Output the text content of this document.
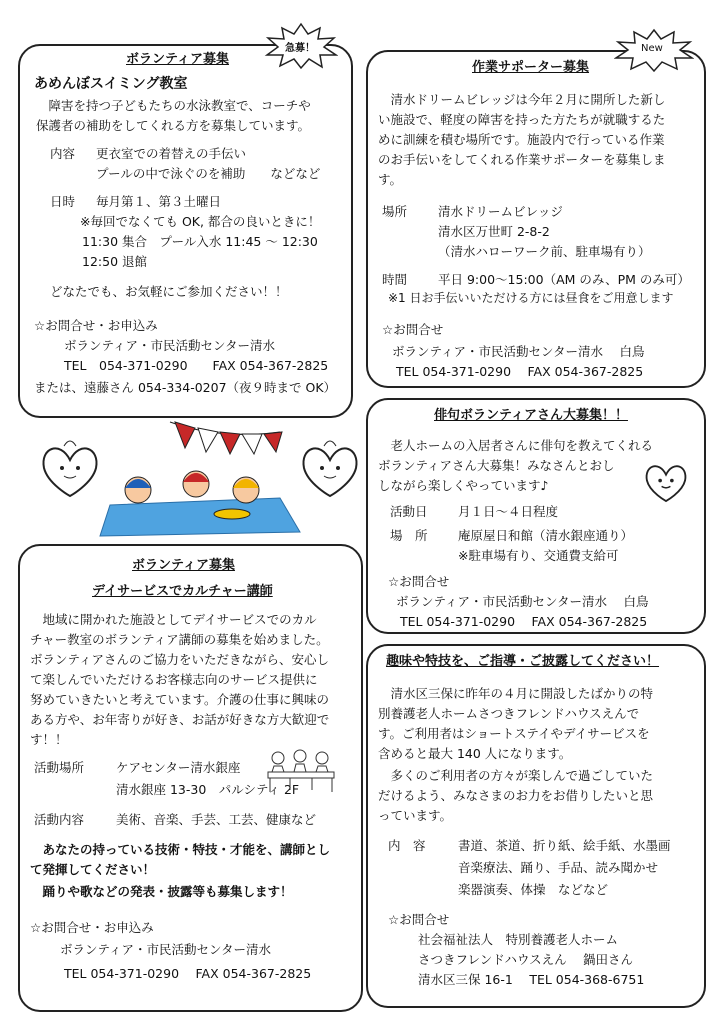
ボランティア募集
あめんぼスイミング教室
　障害を持つ子どもたちの水泳教室で、コーチや
保護者の補助をしてくれる方を募集しています。
内容 更衣室での着替えの手伝い
プールの中で泳ぐのを補助　　などなど
日時 毎月第１、第３土曜日
※毎回でなくても OK, 都合の良いときに！
11:30 集合　プール入水 11:45 ～ 12:30
12:50 退館
どなたでも、お気軽にご参加ください！！
☆お問合せ・お申込み
ボランティア・市民活動センター清水
TEL　054-371-0290　　FAX 054-367-2825
または、遠藤さん 054-334-0207（夜９時まで OK）
急募！
作業サポーター募集
　清水ドリームビレッジは今年２月に開所した新し
い施設で、軽度の障害を持った方たちが就職するた
めに訓練を積む場所です。施設内で行っている作業
のお手伝いをしてくれる作業サポーターを募集しま
す。
場所 清水ドリームビレッジ
清水区万世町 2-8-2
（清水ハローワーク前、駐車場有り）
時間 平日 9:00～15:00（AM のみ、PM のみ可）
※1 日お手伝いいただける方には昼食をご用意します
☆お問合せ
ボランティア・市民活動センター清水　 白鳥
TEL 054-371-0290　 FAX 054-367-2825
New
俳句ボランティアさん大募集！！
　老人ホームの入居者さんに俳句を教えてくれる
ボランティアさん大募集！みなさんとおし
しながら楽しくやっています♪
活動日 月１日～４日程度
場　所 庵原屋日和館（清水銀座通り）
※駐車場有り、交通費支給可
☆お問合せ
ボランティア・市民活動センター清水　 白鳥
TEL 054-371-0290　 FAX 054-367-2825
ボランティア募集
デイサービスでカルチャー講師
　地域に開かれた施設としてデイサービスでのカル
チャー教室のボランティア講師の募集を始めました。
ボランティアさんのご協力をいただきながら、安心し
て楽しんでいただけるお客様志向のサービス提供に
努めていきたいと考えています。介護の仕事に興味の
ある方や、お年寄りが好き、お話が好きな方大歓迎で
す！！
活動場所	ケアセンター清水銀座
清水銀座 13-30　パルシティ 2F
活動内容	美術、音楽、手芸、工芸、健康など
　あなたの持っている技術・特技・才能を、講師とし
て発揮してください！
　踊りや歌などの発表・披露等も募集します！
☆お問合せ・お申込み
ボランティア・市民活動センター清水
TEL 054-371-0290　 FAX 054-367-2825
趣味や特技を、ご指導・ご披露してください！
　清水区三保に昨年の４月に開設したばかりの特
別養護老人ホームさつきフレンドハウスえんで
す。ご利用者はショートステイやデイサービスを
含めると最大 140 人になります。
　多くのご利用者の方々が楽しんで過ごしていた
だけるよう、みなさまのお力をお借りしたいと思
っています。
内　容	書道、茶道、折り紙、絵手紙、水墨画
音楽療法、踊り、手品、読み聞かせ
楽器演奏、体操　などなど
☆お問合せ
社会福祉法人　特別養護老人ホーム
さつきフレンドハウスえん　 鍋田さん
清水区三保 16-1　 TEL 054-368-6751
